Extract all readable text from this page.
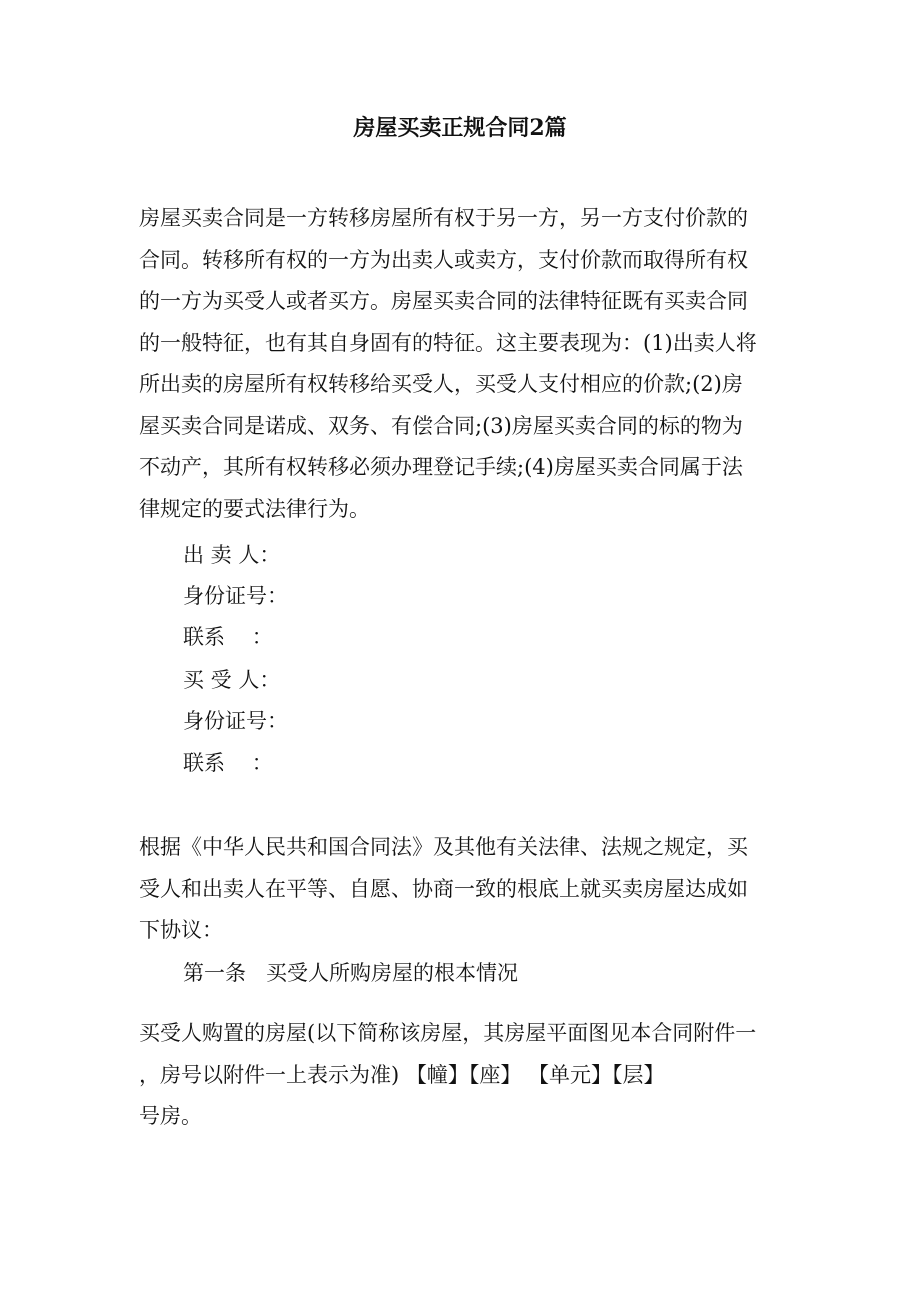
房屋买卖正规合同2篇
房屋买卖合同是一方转移房屋所有权于另一方，另一方支付价款的
合同。转移所有权的一方为出卖人或卖方，支付价款而取得所有权
的一方为买受人或者买方。房屋买卖合同的法律特征既有买卖合同
的一般特征，也有其自身固有的特征。这主要表现为：(1)出卖人将
所出卖的房屋所有权转移给买受人，买受人支付相应的价款;(2)房
屋买卖合同是诺成、双务、有偿合同;(3)房屋买卖合同的标的物为
不动产，其所有权转移必须办理登记手续;(4)房屋买卖合同属于法
律规定的要式法律行为。
出 卖 人：
身份证号：
联系    ：
买 受 人：
身份证号：
联系    ：
根据《中华人民共和国合同法》及其他有关法律、法规之规定，买
受人和出卖人在平等、自愿、协商一致的根底上就买卖房屋达成如
下协议：
第一条   买受人所购房屋的根本情况
买受人购置的房屋(以下简称该房屋，其房屋平面图见本合同附件一
，房号以附件一上表示为准) 【幢】【座】 【单元】【层】
号房。
